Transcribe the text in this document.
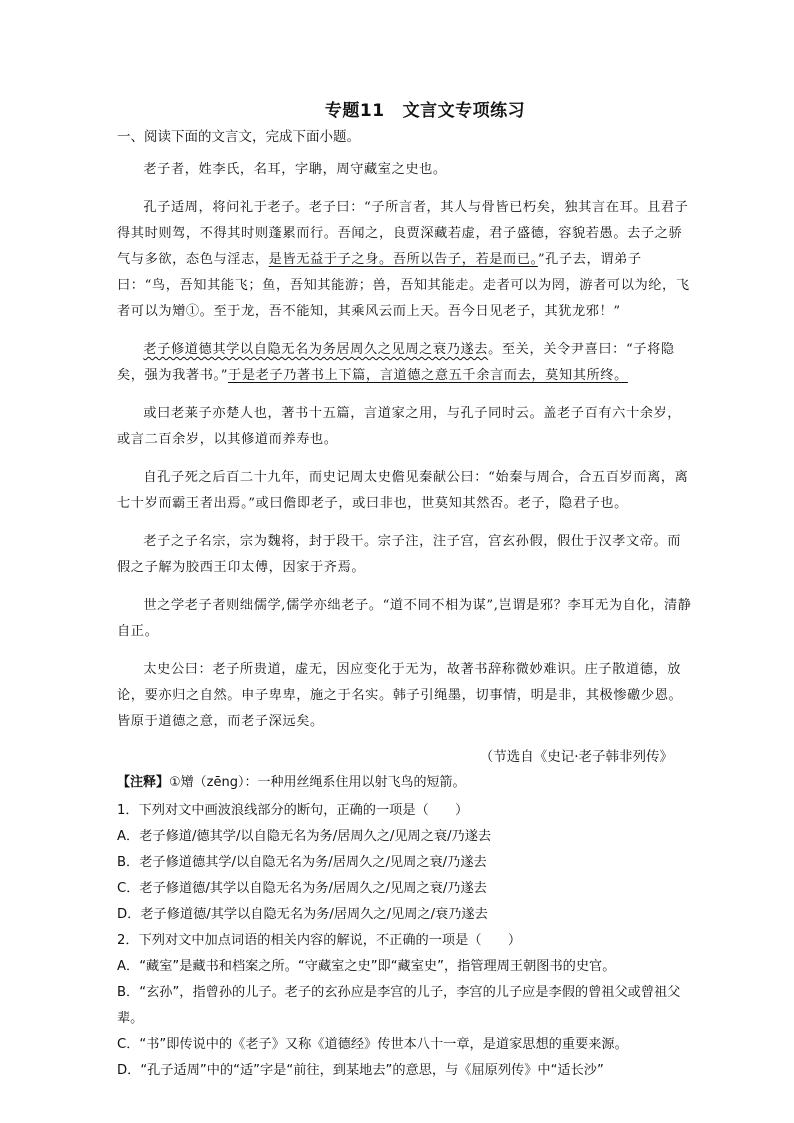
专题11 文言文专项练习
一、阅读下面的文言文，完成下面小题。

老子者，姓李氏，名耳，字聃，周守藏室之史也。

孔子适周，将问礼于老子。老子曰：“子所言者，其人与骨皆已朽矣，独其言在耳。且君子得其时则驾，不得其时则蓬累而行。吾闻之，良贾深藏若虚，君子盛德，容貌若愚。去子之骄气与多欲，态色与淫志，是皆无益于子之身。吾所以告子，若是而已。”孔子去，谓弟子曰：“鸟，吾知其能飞；鱼，吾知其能游；兽，吾知其能走。走者可以为罔，游者可以为纶，飞者可以为矰①。至于龙，吾不能知，其乘风云而上天。吾今日见老子，其犹龙邪！”

老子修道德其学以自隐无名为务居周久之见周之衰乃遂去。至关，关令尹喜曰：“子将隐矣，强为我著书。”于是老子乃著书上下篇，言道德之意五千余言而去，莫知其所终。

或曰老莱子亦楚人也，著书十五篇，言道家之用，与孔子同时云。盖老子百有六十余岁，或言二百余岁，以其修道而养寿也。

自孔子死之后百二十九年，而史记周太史儋见秦献公曰：“始秦与周合，合五百岁而离，离七十岁而霸王者出焉。”或曰儋即老子，或曰非也，世莫知其然否。老子，隐君子也。

老子之子名宗，宗为魏将，封于段干。宗子注，注子宫，宫玄孙假，假仕于汉孝文帝。而假之子解为胶西王卬太傅，因家于齐焉。

世之学老子者则绌儒学,儒学亦绌老子。“道不同不相为谋”,岂谓是邪？李耳无为自化，清静自正。

太史公曰：老子所贵道，虚无，因应变化于无为，故著书辞称微妙难识。庄子散道德，放论，要亦归之自然。申子卑卑，施之于名实。韩子引绳墨，切事情，明是非，其极惨礉少恩。皆原于道德之意，而老子深远矣。

（节选自《史记·老子韩非列传》
【注释】①矰（zēng）：一种用丝绳系住用以射飞鸟的短箭。

1．下列对文中画波浪线部分的断句，正确的一项是（　　）

A．老子修道/德其学/以自隐无名为务/居周久之/见周之衰/乃遂去

B．老子修道德其学/以自隐无名为务/居周久之/见周之衰/乃遂去

C．老子修道德/其学以自隐无名为务/居周久之/见周之衰/乃遂去

D．老子修道德/其学以自隐无名为务/居周久之/见周之/衰乃遂去

2．下列对文中加点词语的相关内容的解说，不正确的一项是（　　）

A．“藏室”是藏书和档案之所。“守藏室之史”即“藏室史”，指管理周王朝图书的史官。

B．“玄孙”，指曾孙的儿子。老子的玄孙应是李宫的儿子，李宫的儿子应是李假的曾祖父或曾祖父辈。

C．“书”即传说中的《老子》又称《道德经》传世本八十一章，是道家思想的重要来源。

D．“孔子适周”中的“适”字是“前往，到某地去”的意思，与《屈原列传》中“适长沙”
